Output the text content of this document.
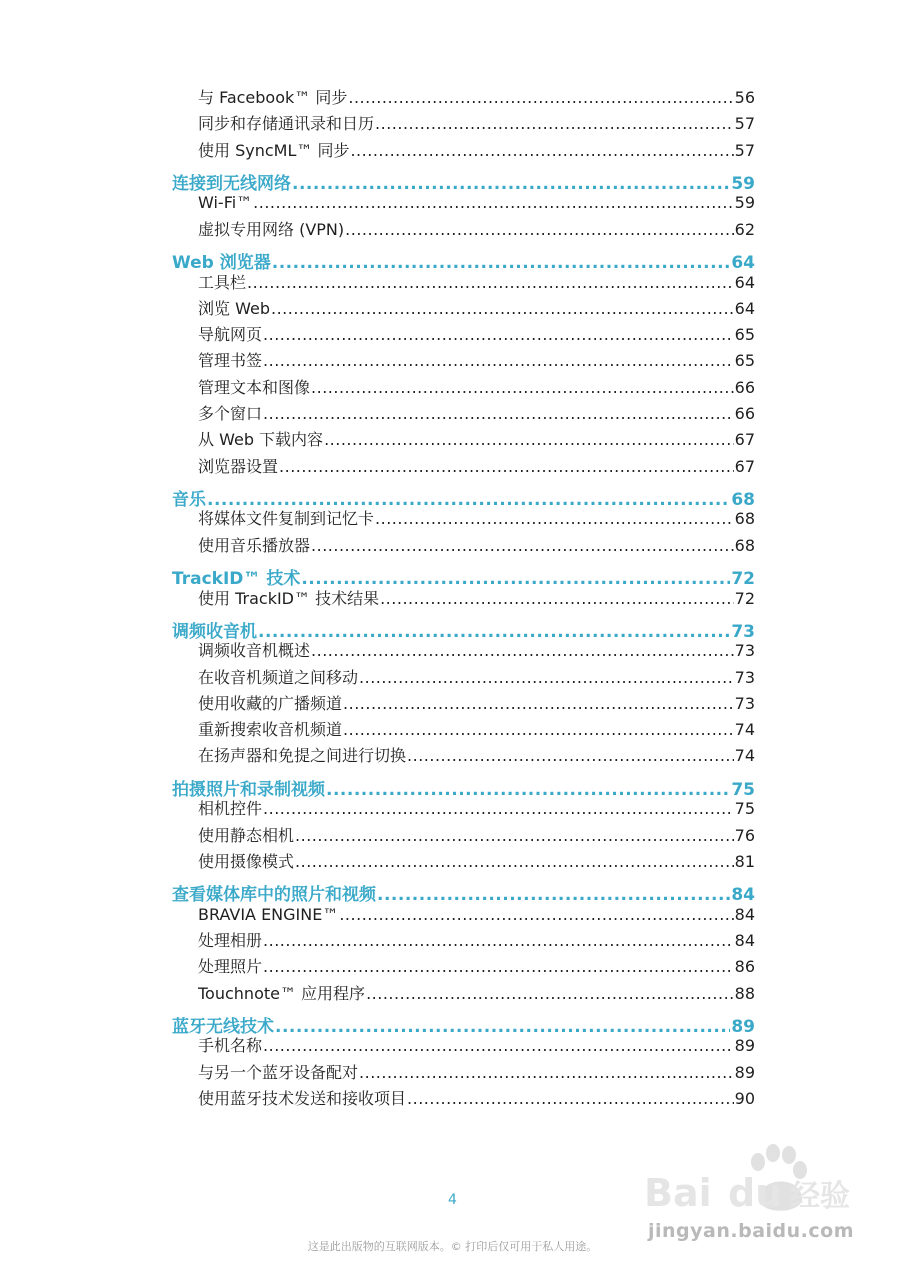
与 Facebook™ 同步 .....	56
同步和存储通讯录和日历 .....	57
使用 SyncML™ 同步 .....	57
连接到无线网络 .....	59
Wi-Fi™ .....	59
虚拟专用网络 (VPN) .....	62
Web 浏览器 .....	64
工具栏 .....	64
浏览 Web .....	64
导航网页 .....	65
管理书签 .....	65
管理文本和图像 .....	66
多个窗口 .....	66
从 Web 下载内容 .....	67
浏览器设置 .....	67
音乐 .....	68
将媒体文件复制到记忆卡 .....	68
使用音乐播放器 .....	68
TrackID™ 技术 .....	72
使用 TrackID™ 技术结果 .....	72
调频收音机 .....	73
调频收音机概述 .....	73
在收音机频道之间移动 .....	73
使用收藏的广播频道 .....	73
重新搜索收音机频道 .....	74
在扬声器和免提之间进行切换 .....	74
拍摄照片和录制视频 .....	75
相机控件 .....	75
使用静态相机 .....	76
使用摄像模式 .....	81
查看媒体库中的照片和视频 .....	84
BRAVIA ENGINE™ .....	84
处理相册 .....	84
处理照片 .....	86
Touchnote™ 应用程序 .....	88
蓝牙无线技术 .....	89
手机名称 .....	89
与另一个蓝牙设备配对 .....	89
使用蓝牙技术发送和接收项目 .....	90
4
这是此出版物的互联网版本。© 打印后仅可用于私人用途。
Bai du 经验
jingyan.baidu.com
